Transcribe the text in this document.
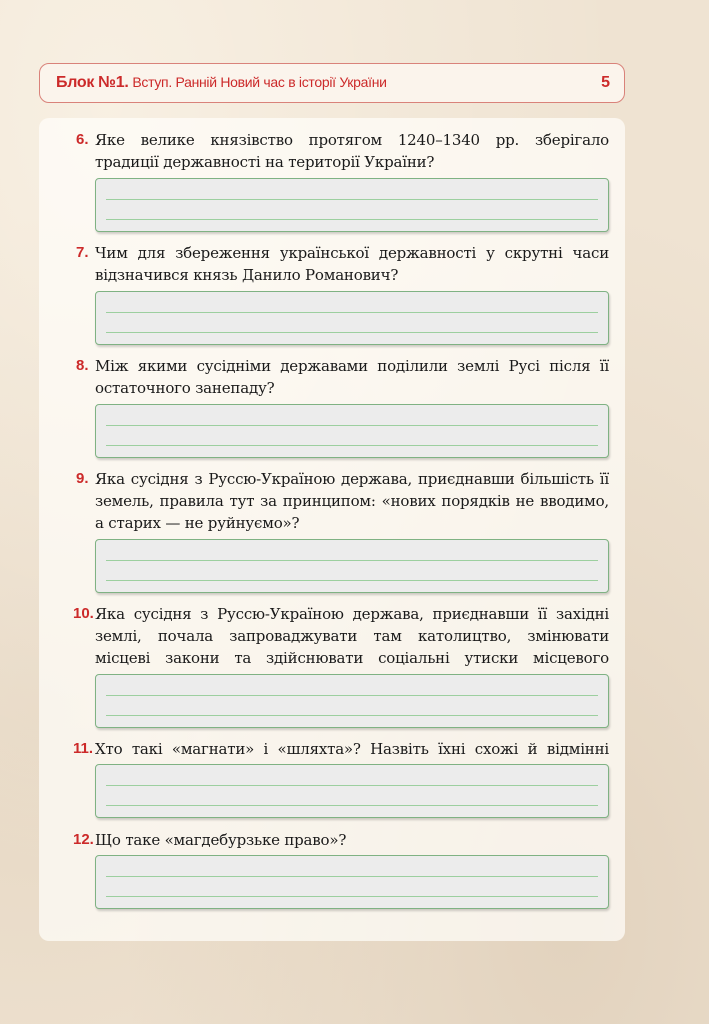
Блок №1. Вступ. Ранній Новий час в історії України	5
6. Яке велике князівство протягом 1240–1340 рр. зберігало традиції державності на території України?
7. Чим для збереження української державності у скрутні часи відзначився князь Данило Романович?
8. Між якими сусідніми державами поділили землі Русі після її остаточного занепаду?
9. Яка сусідня з Руссю-Україною держава, приєднавши більшість її земель, правила тут за принципом: «нових порядків не вводимо, а старих — не руйнуємо»?
10. Яка сусідня з Руссю-Україною держава, приєднавши її західні землі, почала запроваджувати там католицтво, змінювати місцеві закони та здійснювати соціальні утиски місцевого
11. Хто такі «магнати» і «шляхта»? Назвіть їхні схожі й відмінні
12. Що таке «магдебурзьке право»?
